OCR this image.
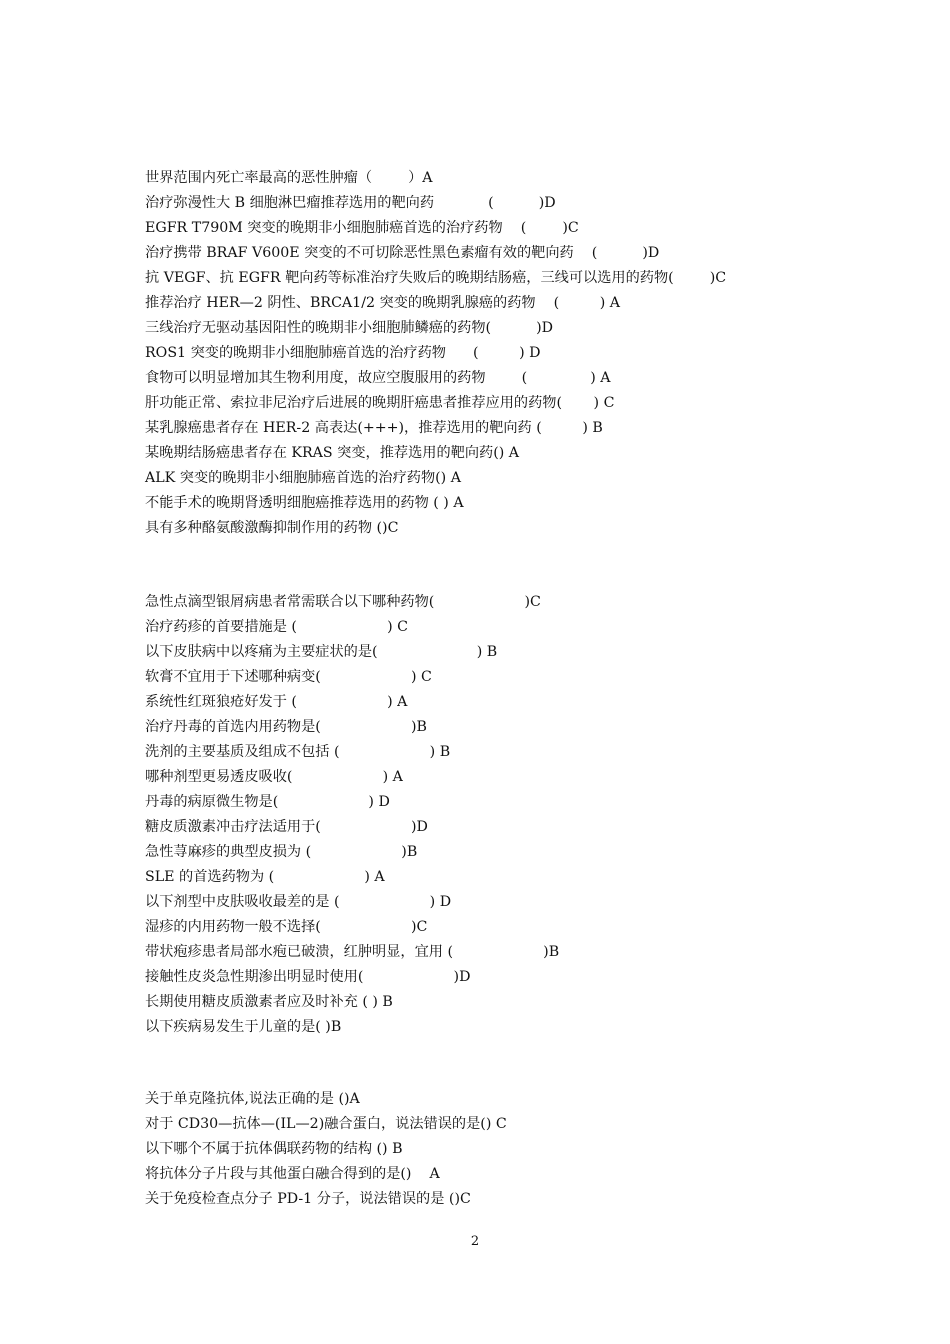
世界范围内死亡率最高的恶性肿瘤（        ）A
治疗弥漫性大 B 细胞淋巴瘤推荐选用的靶向药            (          )D
EGFR T790M 突变的晚期非小细胞肺癌首选的治疗药物    (        )C
治疗携带 BRAF V600E 突变的不可切除恶性黑色素瘤有效的靶向药    (          )D
抗 VEGF、抗 EGFR 靶向药等标准治疗失败后的晚期结肠癌，三线可以选用的药物(        )C
推荐治疗 HER—2 阴性、BRCA1/2 突变的晚期乳腺癌的药物    (         ) A
三线治疗无驱动基因阳性的晚期非小细胞肺鳞癌的药物(          )D
ROS1 突变的晚期非小细胞肺癌首选的治疗药物      (         ) D
食物可以明显增加其生物利用度，故应空腹服用的药物        (              ) A
肝功能正常、索拉非尼治疗后进展的晚期肝癌患者推荐应用的药物(       ) C
某乳腺癌患者存在 HER-2 高表达(+++)，推荐选用的靶向药 (         ) B
某晚期结肠癌患者存在 KRAS 突变，推荐选用的靶向药() A
ALK 突变的晚期非小细胞肺癌首选的治疗药物() A
不能手术的晚期肾透明细胞癌推荐选用的药物 ( ) A
具有多种酪氨酸激酶抑制作用的药物 ()C
急性点滴型银屑病患者常需联合以下哪种药物(                    )C
治疗药疹的首要措施是 (                    ) C
以下皮肤病中以疼痛为主要症状的是(                      ) B
软膏不宜用于下述哪种病变(                    ) C
系统性红斑狼疮好发于 (                    ) A
治疗丹毒的首选内用药物是(                    )B
洗剂的主要基质及组成不包括 (                    ) B
哪种剂型更易透皮吸收(                    ) A
丹毒的病原微生物是(                    ) D
糖皮质激素冲击疗法适用于(                    )D
急性荨麻疹的典型皮损为 (                    )B
SLE 的首选药物为 (                    ) A
以下剂型中皮肤吸收最差的是 (                    ) D
湿疹的内用药物一般不选择(                    )C
带状疱疹患者局部水疱已破溃，红肿明显，宜用 (                    )B
接触性皮炎急性期渗出明显时使用(                    )D
长期使用糖皮质激素者应及时补充 ( ) B
以下疾病易发生于儿童的是( )B
关于单克隆抗体,说法正确的是 ()A
对于 CD30—抗体—(IL—2)融合蛋白，说法错误的是() C
以下哪个不属于抗体偶联药物的结构 () B
将抗体分子片段与其他蛋白融合得到的是()    A
关于免疫检查点分子 PD-1 分子，说法错误的是 ()C
2
